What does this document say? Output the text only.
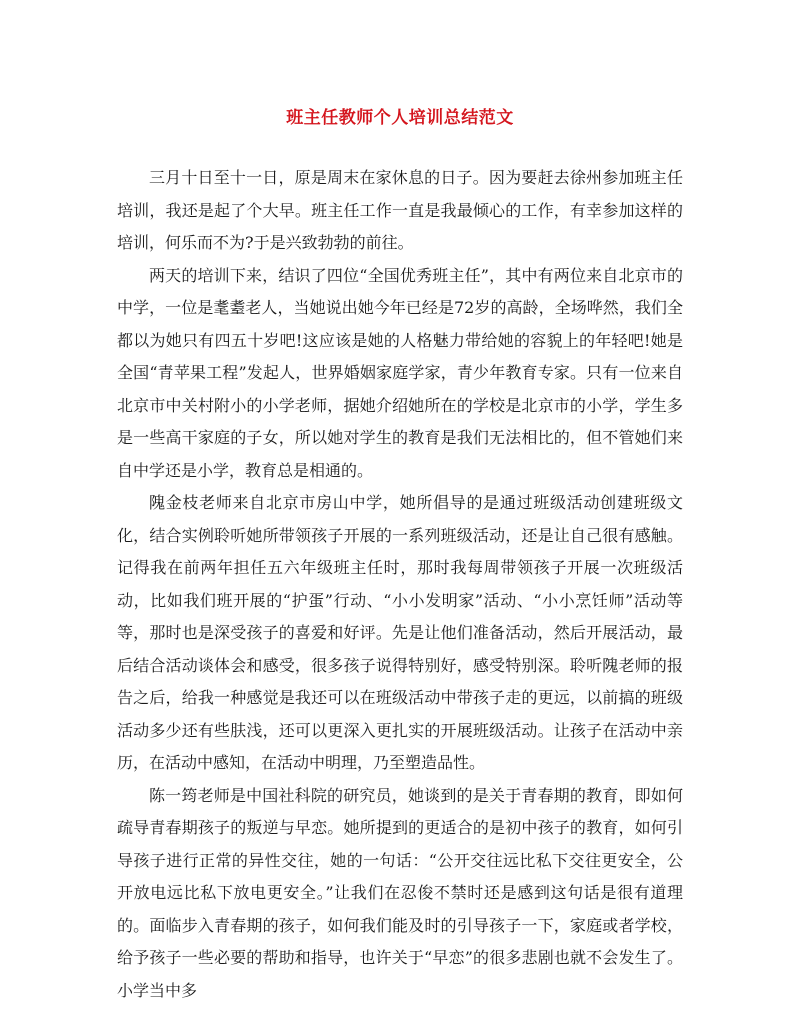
班主任教师个人培训总结范文

三月十日至十一日，原是周末在家休息的日子。因为要赶去徐州参加班主任培训，我还是起了个大早。班主任工作一直是我最倾心的工作，有幸参加这样的培训，何乐而不为?于是兴致勃勃的前往。

两天的培训下来，结识了四位“全国优秀班主任”，其中有两位来自北京市的中学，一位是耄耋老人，当她说出她今年已经是72岁的高龄，全场哗然，我们全都以为她只有四五十岁吧!这应该是她的人格魅力带给她的容貌上的年轻吧!她是全国“青苹果工程”发起人，世界婚姻家庭学家，青少年教育专家。只有一位来自北京市中关村附小的小学老师，据她介绍她所在的学校是北京市的小学，学生多是一些高干家庭的子女，所以她对学生的教育是我们无法相比的，但不管她们来自中学还是小学，教育总是相通的。

隗金枝老师来自北京市房山中学，她所倡导的是通过班级活动创建班级文化，结合实例聆听她所带领孩子开展的一系列班级活动，还是让自己很有感触。记得我在前两年担任五六年级班主任时，那时我每周带领孩子开展一次班级活动，比如我们班开展的“护蛋”行动、“小小发明家”活动、“小小烹饪师”活动等等，那时也是深受孩子的喜爱和好评。先是让他们准备活动，然后开展活动，最后结合活动谈体会和感受，很多孩子说得特别好，感受特别深。聆听隗老师的报告之后，给我一种感觉是我还可以在班级活动中带孩子走的更远，以前搞的班级活动多少还有些肤浅，还可以更深入更扎实的开展班级活动。让孩子在活动中亲历，在活动中感知，在活动中明理，乃至塑造品性。

陈一筠老师是中国社科院的研究员，她谈到的是关于青春期的教育，即如何疏导青春期孩子的叛逆与早恋。她所提到的更适合的是初中孩子的教育，如何引导孩子进行正常的异性交往，她的一句话：“公开交往远比私下交往更安全，公开放电远比私下放电更安全。”让我们在忍俊不禁时还是感到这句话是很有道理的。面临步入青春期的孩子，如何我们能及时的引导孩子一下，家庭或者学校，给予孩子一些必要的帮助和指导，也许关于“早恋”的很多悲剧也就不会发生了。小学当中多
